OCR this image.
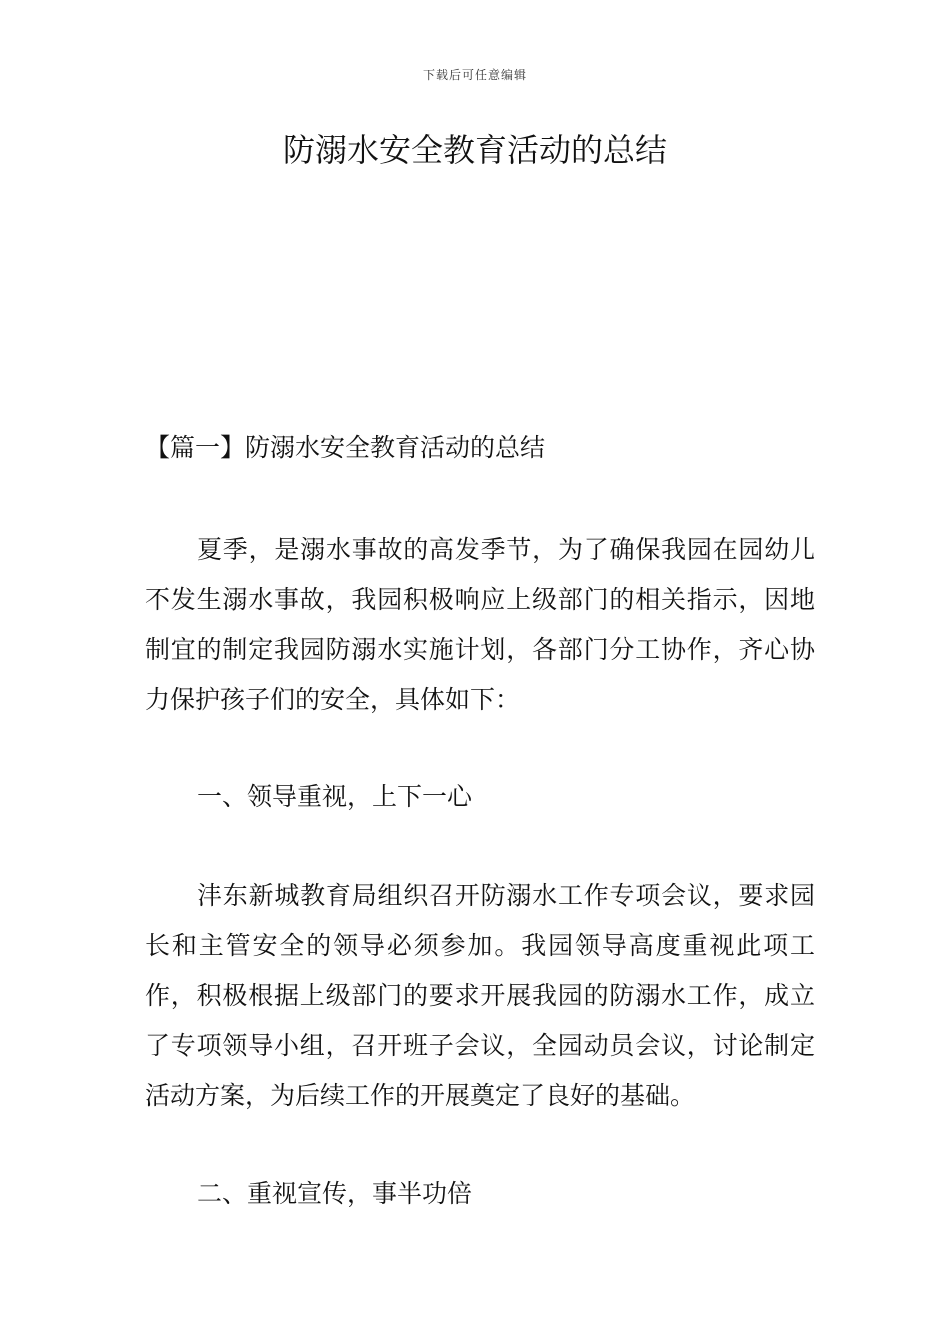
下载后可任意编辑
防溺水安全教育活动的总结

【篇一】防溺水安全教育活动的总结

夏季，是溺水事故的高发季节，为了确保我园在园幼儿不发生溺水事故，我园积极响应上级部门的相关指示，因地制宜的制定我园防溺水实施计划，各部门分工协作，齐心协力保护孩子们的安全，具体如下：

一、领导重视，上下一心

沣东新城教育局组织召开防溺水工作专项会议，要求园长和主管安全的领导必须参加。我园领导高度重视此项工作，积极根据上级部门的要求开展我园的防溺水工作，成立了专项领导小组，召开班子会议，全园动员会议，讨论制定活动方案，为后续工作的开展奠定了良好的基础。

二、重视宣传，事半功倍
